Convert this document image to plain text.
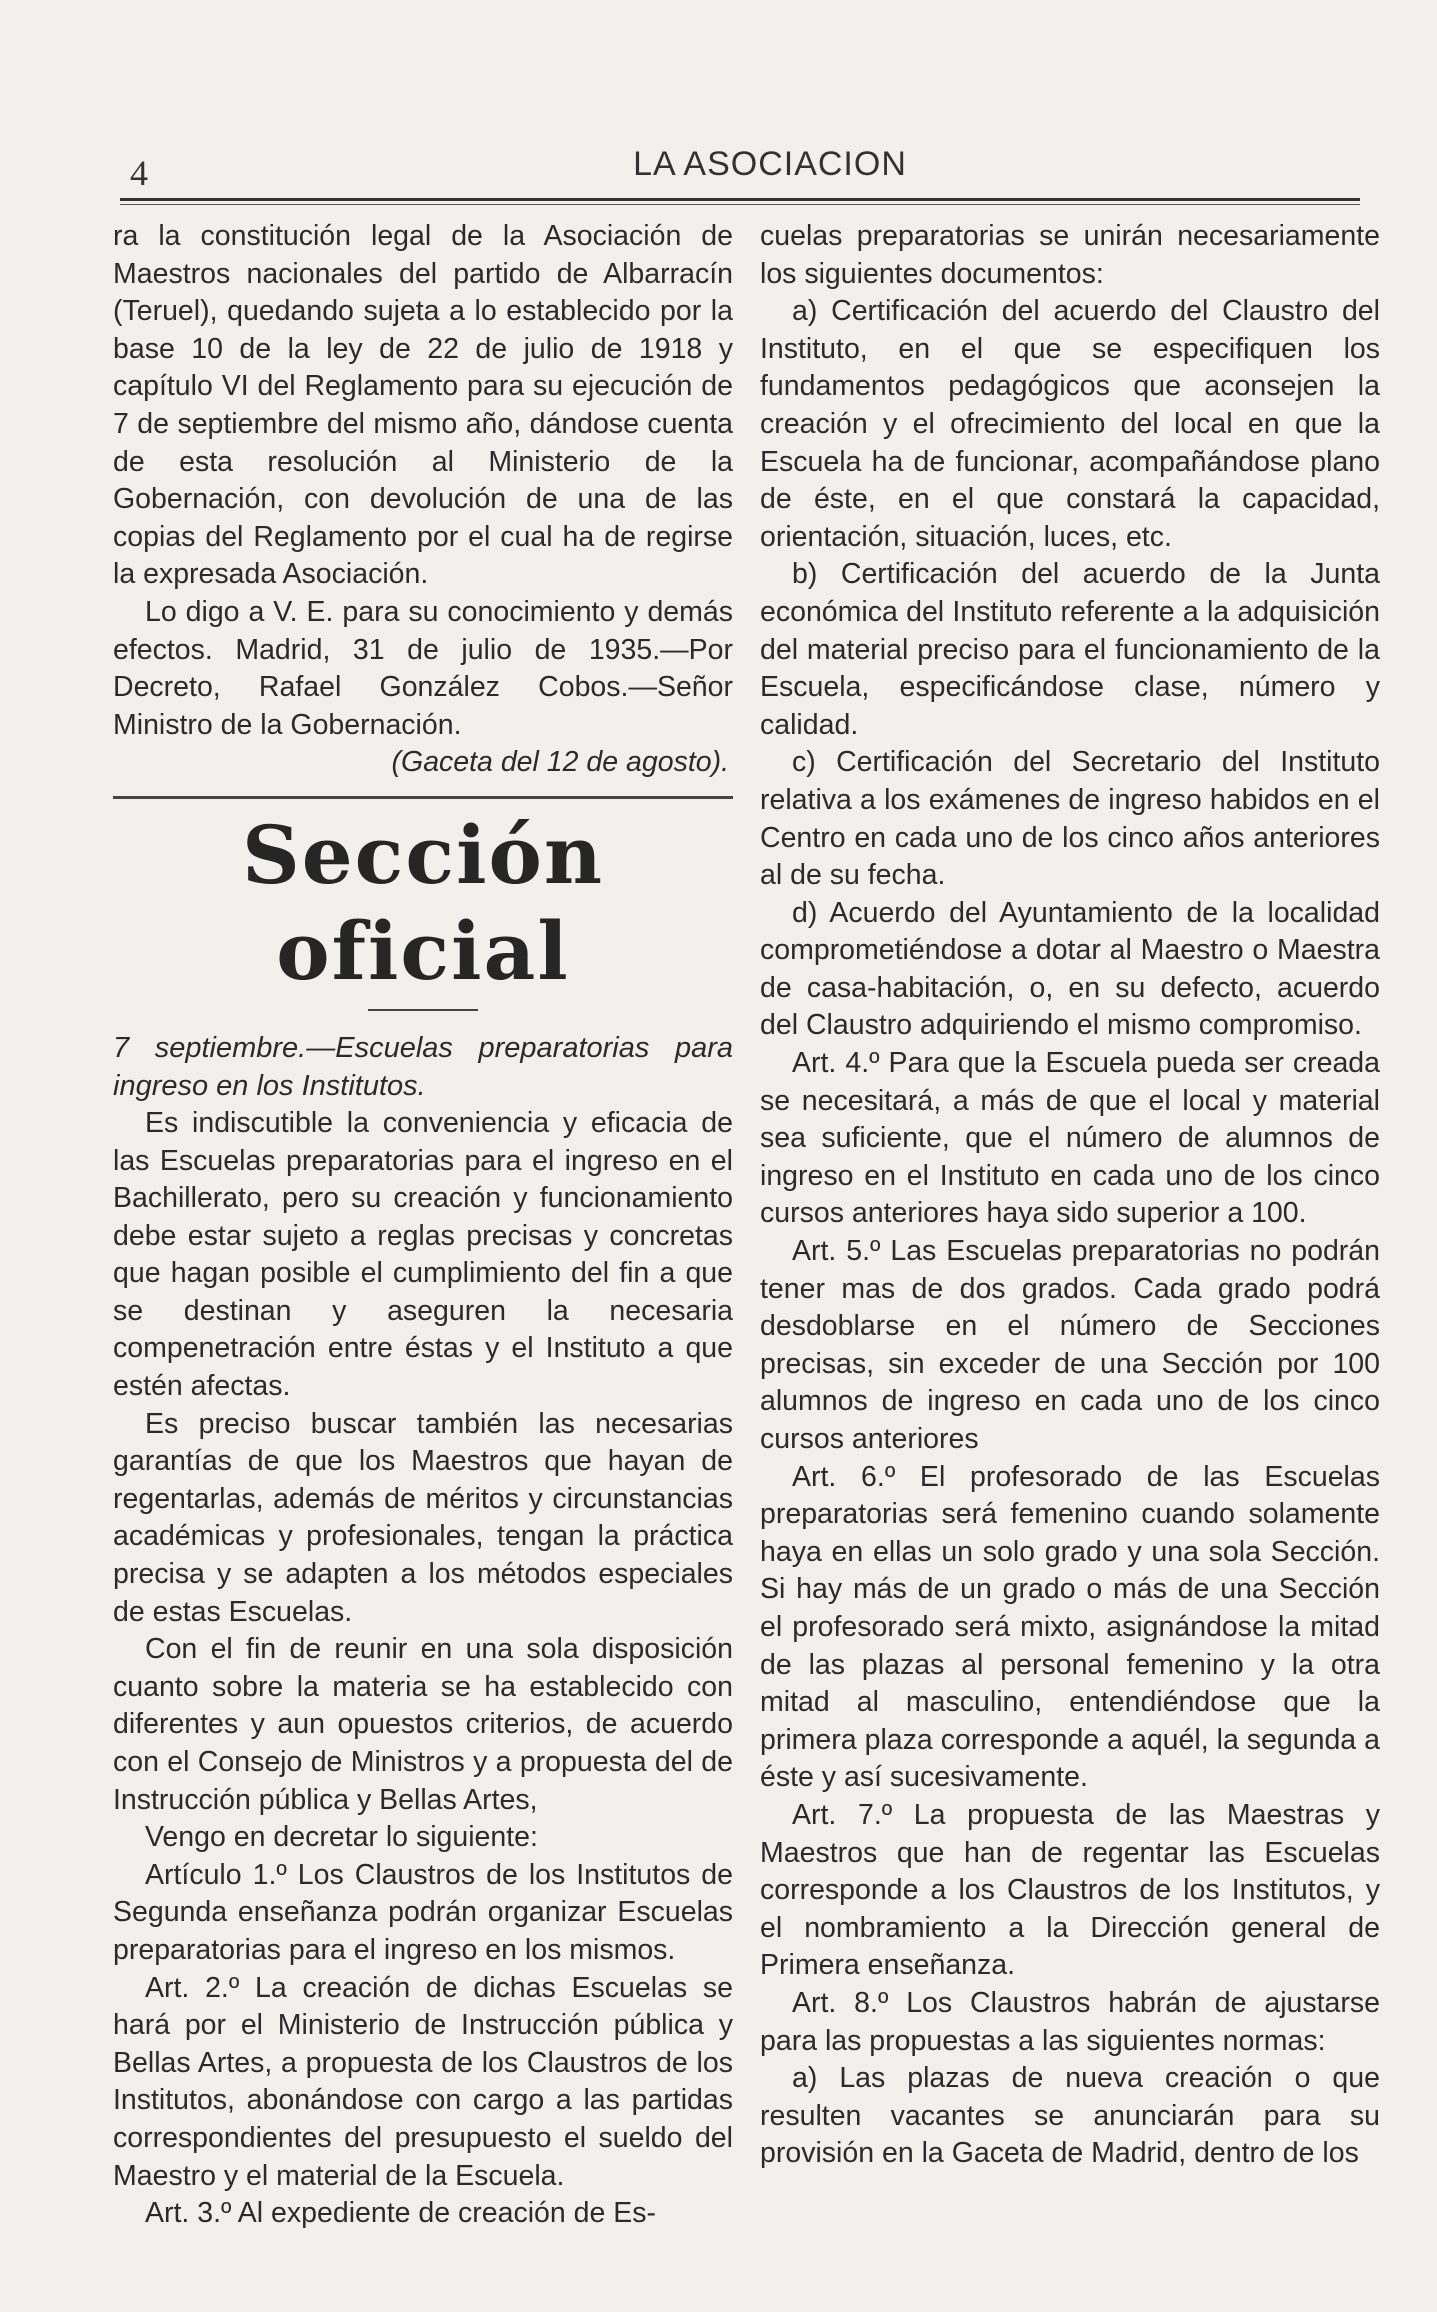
4	LA ASOCIACION

ra la constitución legal de la Asociación de Maestros nacionales del partido de Albarracín (Teruel), quedando sujeta a lo establecido por la base 10 de la ley de 22 de julio de 1918 y capítulo VI del Reglamento para su ejecución de 7 de septiembre del mismo año, dándose cuenta de esta resolución al Ministerio de la Gobernación, con devolución de una de las copias del Reglamento por el cual ha de regirse la expresada Asociación.

Lo digo a V. E. para su conocimiento y demás efectos. Madrid, 31 de julio de 1935.—Por Decreto, Rafael González Cobos.—Señor Ministro de la Gobernación.

(Gaceta del 12 de agosto).

Sección oficial

7 septiembre.—Escuelas preparatorias para ingreso en los Institutos.

Es indiscutible la conveniencia y eficacia de las Escuelas preparatorias para el ingreso en el Bachillerato, pero su creación y funcionamiento debe estar sujeto a reglas precisas y concretas que hagan posible el cumplimiento del fin a que se destinan y aseguren la necesaria compenetración entre éstas y el Instituto a que estén afectas.

Es preciso buscar también las necesarias garantías de que los Maestros que hayan de regentarlas, además de méritos y circunstancias académicas y profesionales, tengan la práctica precisa y se adapten a los métodos especiales de estas Escuelas.

Con el fin de reunir en una sola disposición cuanto sobre la materia se ha establecido con diferentes y aun opuestos criterios, de acuerdo con el Consejo de Ministros y a propuesta del de Instrucción pública y Bellas Artes,

Vengo en decretar lo siguiente:

Artículo 1.º Los Claustros de los Institutos de Segunda enseñanza podrán organizar Escuelas preparatorias para el ingreso en los mismos.

Art. 2.º La creación de dichas Escuelas se hará por el Ministerio de Instrucción pública y Bellas Artes, a propuesta de los Claustros de los Institutos, abonándose con cargo a las partidas correspondientes del presupuesto el sueldo del Maestro y el material de la Escuela.

Art. 3.º Al expediente de creación de Es-

cuelas preparatorias se unirán necesariamente los siguientes documentos:

a) Certificación del acuerdo del Claustro del Instituto, en el que se especifiquen los fundamentos pedagógicos que aconsejen la creación y el ofrecimiento del local en que la Escuela ha de funcionar, acompañándose plano de éste, en el que constará la capacidad, orientación, situación, luces, etc.

b) Certificación del acuerdo de la Junta económica del Instituto referente a la adquisición del material preciso para el funcionamiento de la Escuela, especificándose clase, número y calidad.

c) Certificación del Secretario del Instituto relativa a los exámenes de ingreso habidos en el Centro en cada uno de los cinco años anteriores al de su fecha.

d) Acuerdo del Ayuntamiento de la localidad comprometiéndose a dotar al Maestro o Maestra de casa-habitación, o, en su defecto, acuerdo del Claustro adquiriendo el mismo compromiso.

Art. 4.º Para que la Escuela pueda ser creada se necesitará, a más de que el local y material sea suficiente, que el número de alumnos de ingreso en el Instituto en cada uno de los cinco cursos anteriores haya sido superior a 100.

Art. 5.º Las Escuelas preparatorias no podrán tener mas de dos grados. Cada grado podrá desdoblarse en el número de Secciones precisas, sin exceder de una Sección por 100 alumnos de ingreso en cada uno de los cinco cursos anteriores

Art. 6.º El profesorado de las Escuelas preparatorias será femenino cuando solamente haya en ellas un solo grado y una sola Sección. Si hay más de un grado o más de una Sección el profesorado será mixto, asignándose la mitad de las plazas al personal femenino y la otra mitad al masculino, entendiéndose que la primera plaza corresponde a aquél, la segunda a éste y así sucesivamente.

Art. 7.º La propuesta de las Maestras y Maestros que han de regentar las Escuelas corresponde a los Claustros de los Institutos, y el nombramiento a la Dirección general de Primera enseñanza.

Art. 8.º Los Claustros habrán de ajustarse para las propuestas a las siguientes normas:

a) Las plazas de nueva creación o que resulten vacantes se anunciarán para su provisión en la Gaceta de Madrid, dentro de los
